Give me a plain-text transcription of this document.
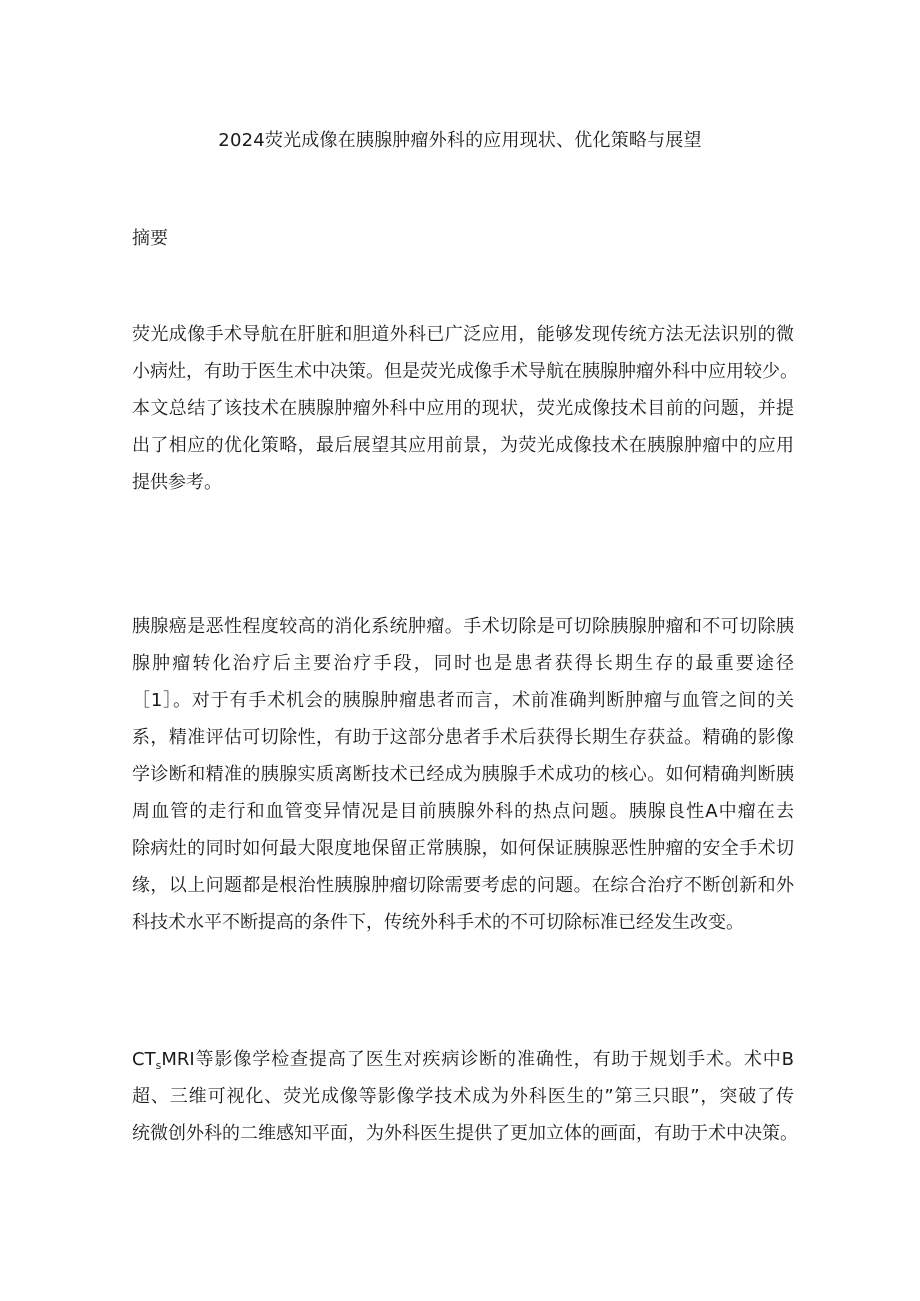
2024荧光成像在胰腺肿瘤外科的应用现状、优化策略与展望
摘要
荧光成像手术导航在肝脏和胆道外科已广泛应用，能够发现传统方法无法识别的微
小病灶，有助于医生术中决策。但是荧光成像手术导航在胰腺肿瘤外科中应用较少。
本文总结了该技术在胰腺肿瘤外科中应用的现状，荧光成像技术目前的问题，并提
出了相应的优化策略，最后展望其应用前景，为荧光成像技术在胰腺肿瘤中的应用
提供参考。
胰腺癌是恶性程度较高的消化系统肿瘤。手术切除是可切除胰腺肿瘤和不可切除胰
腺肿瘤转化治疗后主要治疗手段，同时也是患者获得长期生存的最重要途径
［1］。对于有手术机会的胰腺肿瘤患者而言，术前准确判断肿瘤与血管之间的关
系，精准评估可切除性，有助于这部分患者手术后获得长期生存获益。精确的影像
学诊断和精准的胰腺实质离断技术已经成为胰腺手术成功的核心。如何精确判断胰
周血管的走行和血管变异情况是目前胰腺外科的热点问题。胰腺良性A中瘤在去
除病灶的同时如何最大限度地保留正常胰腺，如何保证胰腺恶性肿瘤的安全手术切
缘，以上问题都是根治性胰腺肿瘤切除需要考虑的问题。在综合治疗不断创新和外
科技术水平不断提高的条件下，传统外科手术的不可切除标准已经发生改变。
$CT_sMRI$等影像学检查提高了医生对疾病诊断的准确性，有助于规划手术。术中B
超、三维可视化、荧光成像等影像学技术成为外科医生的”第三只眼”，突破了传
统微创外科的二维感知平面，为外科医生提供了更加立体的画面，有助于术中决策。
